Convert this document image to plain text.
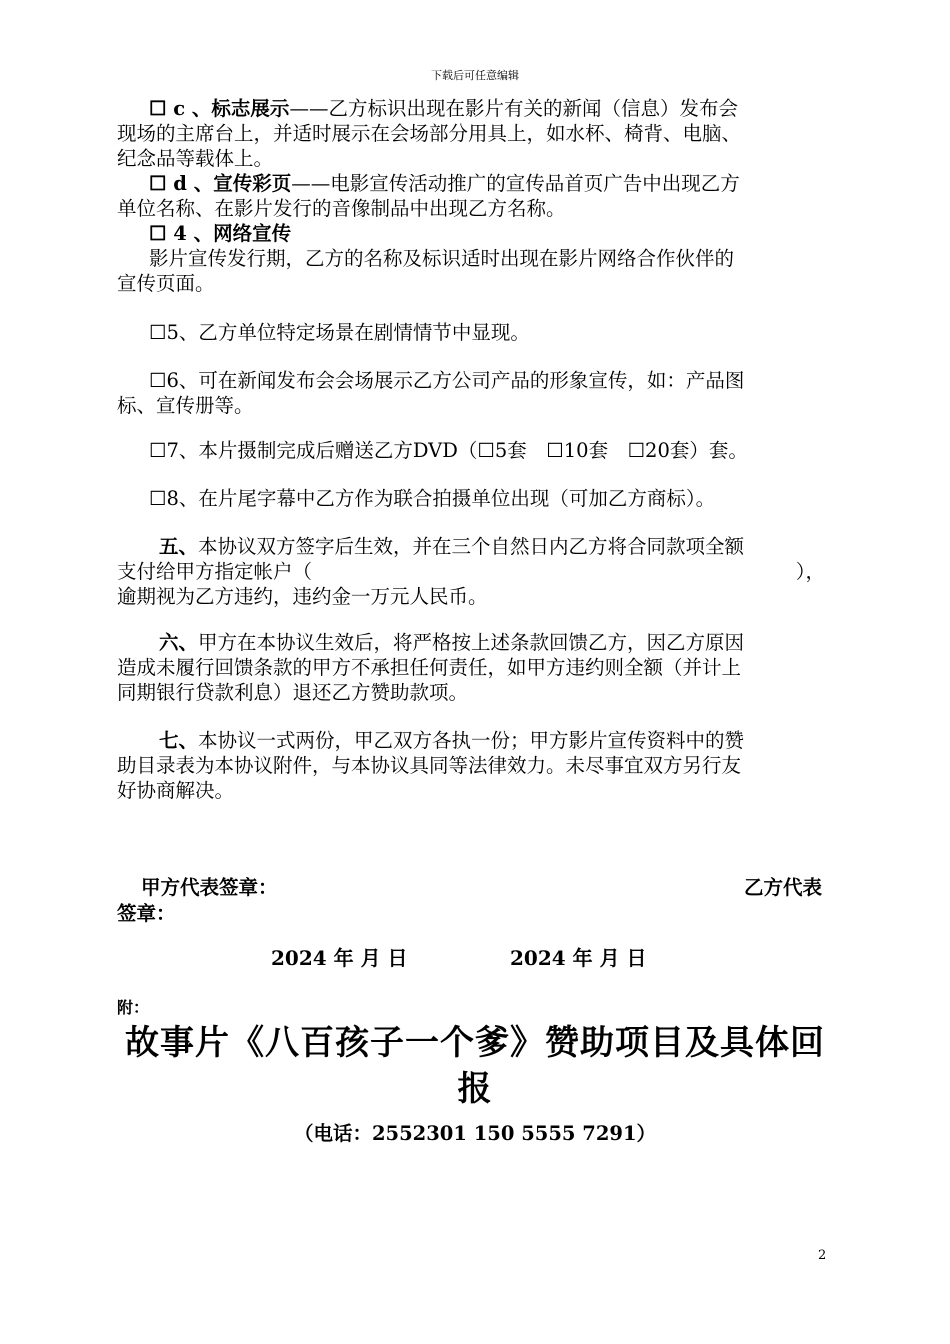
下载后可任意编辑
☐ c 、标志展示——乙方标识出现在影片有关的新闻（信息）发布会
现场的主席台上，并适时展示在会场部分用具上，如水杯、椅背、电脑、
纪念品等载体上。
☐ d 、宣传彩页——电影宣传活动推广的宣传品首页广告中出现乙方
单位名称、在影片发行的音像制品中出现乙方名称。
☐ 4 、网络宣传
影片宣传发行期，乙方的名称及标识适时出现在影片网络合作伙伴的
宣传页面。
☐5、乙方单位特定场景在剧情情节中显现。
☐6、可在新闻发布会会场展示乙方公司产品的形象宣传，如：产品图
标、宣传册等。
☐7、本片摄制完成后赠送乙方DVD（☐5套　☐10套　☐20套）套。
☐8、在片尾字幕中乙方作为联合拍摄单位出现（可加乙方商标）。
五、本协议双方签字后生效，并在三个自然日内乙方将合同款项全额
支付给甲方指定帐户（	），
逾期视为乙方违约，违约金一万元人民币。
六、甲方在本协议生效后，将严格按上述条款回馈乙方，因乙方原因
造成未履行回馈条款的甲方不承担任何责任，如甲方违约则全额（并计上
同期银行贷款利息）退还乙方赞助款项。
七、本协议一式两份，甲乙双方各执一份；甲方影片宣传资料中的赞
助目录表为本协议附件，与本协议具同等法律效力。未尽事宜双方另行友
好协商解决。
甲方代表签章：	乙方代表
签章：
2024 年 月 日	2024 年 月 日
附：
故事片《八百孩子一个爹》赞助项目及具体回
报
（电话：2552301 150 5555 7291）
2
